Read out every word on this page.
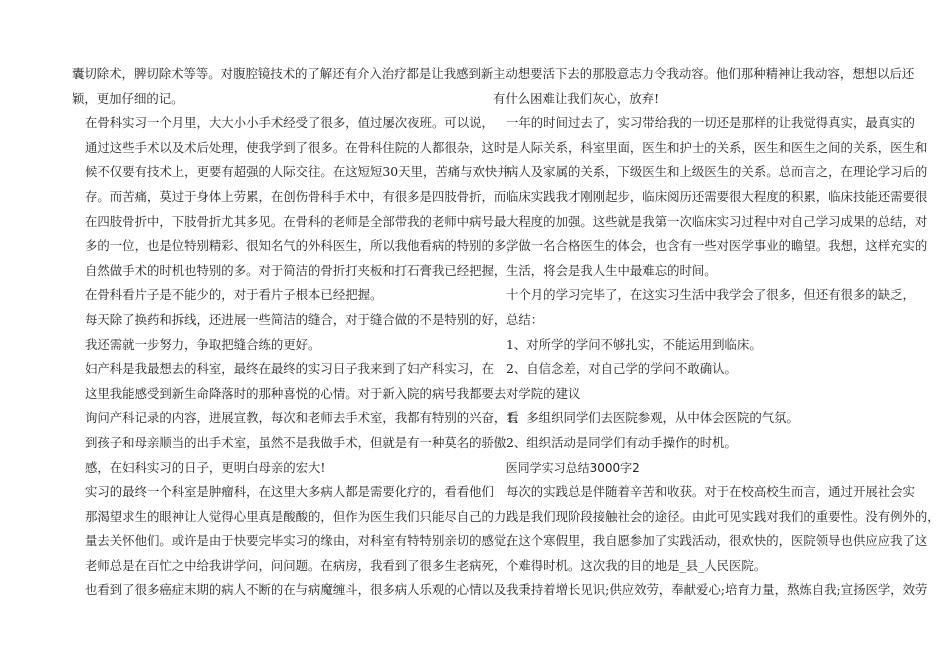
囊切除术，脾切除术等等。对腹腔镜技术的了解还有介入治疗都是让我感到新
颖，更加仔细的记。
在骨科实习一个月里，大大小小手术经受了很多，值过屡次夜班。可以说，
通过这些手术以及术后处理，使我学到了很多。在骨科住院的人都很杂，这时
候不仅要有技术上，更要有超强的人际交往。在这短短30天里，苦痛与欢快并
存。而苦痛，莫过于身体上劳累，在创伤骨科手术中，有很多是四肢骨折，而
在四肢骨折中，下肢骨折尤其多见。在骨科的老师是全部带我的老师中病号最
多的一位，也是位特别精彩、很知名气的外科医生，所以我他看病的特别的多，
自然做手术的时机也特别的多。对于简洁的骨折打夹板和打石膏我已经把握，
在骨科看片子是不能少的，对于看片子根本已经把握。
每天除了换药和拆线，还进展一些简洁的缝合，对于缝合做的不是特别的好，
我还需就一步努力，争取把缝合练的更好。
妇产科是我最想去的科室，最终在最终的实习日子我来到了妇产科实习，在
这里我能感受到新生命降落时的那种喜悦的心情。对于新入院的病号我都要去
询问产科记录的内容，进展宣教，每次和老师去手术室，我都有特别的兴奋，看
到孩子和母亲顺当的出手术室，虽然不是我做手术，但就是有一种莫名的骄傲
感，在妇科实习的日子，更明白母亲的宏大!
实习的最终一个科室是肿瘤科，在这里大多病人都是需要化疗的，看看他们
那渴望求生的眼神让人觉得心里真是酸酸的，但作为医生我们只能尽自己的力
量去关怀他们。或许是由于快要完毕实习的缘由，对科室有特特别亲切的感觉，
老师总是在百忙之中给我讲学问，问问题。在病房，我看到了很多生老病死，
也看到了很多癌症末期的病人不断的在与病魔缠斗，很多病人乐观的心情以及
主动想要活下去的那股意志力令我动容。他们那种精神让我动容，想想以后还
有什么困难让我们灰心，放弃!
一年的时间过去了，实习带给我的一切还是那样的让我觉得真实，最真实的
是人际关系，科室里面，医生和护士的关系，医生和医生之间的关系，医生和
病人及家属的关系，下级医生和上级医生的关系。总而言之，在理论学习后的
临床实践我才刚刚起步，临床阅历还需要很大程度的积累，临床技能还需要很
大程度的加强。这些就是我第一次临床实习过程中对自己学习成果的总结，对
学做一名合格医生的体会，也含有一些对医学事业的瞻望。我想，这样充实的
生活，将会是我人生中最难忘的时间。
十个月的学习完毕了，在这实习生活中我学会了很多，但还有很多的缺乏，
总结：
1、对所学的学问不够扎实，不能运用到临床。
2、自信念差，对自己学的学问不敢确认。
对学院的建议
1、多组织同学们去医院参观，从中体会医院的气氛。
2、组织活动是同学们有动手操作的时机。
医同学实习总结3000字2
每次的实践总是伴随着辛苦和收获。对于在校高校生而言，通过开展社会实
践是我们现阶段接触社会的途径。由此可见实践对我们的重要性。没有例外的，
在这个寒假里，我自愿参加了实践活动，很欢快的，医院领导也供应应我了这
个难得时机。这次我的目的地是_县_人民医院。
我秉持着增长见识;供应效劳，奉献爱心;培育力量，熬炼自我;宣扬医学，效劳
